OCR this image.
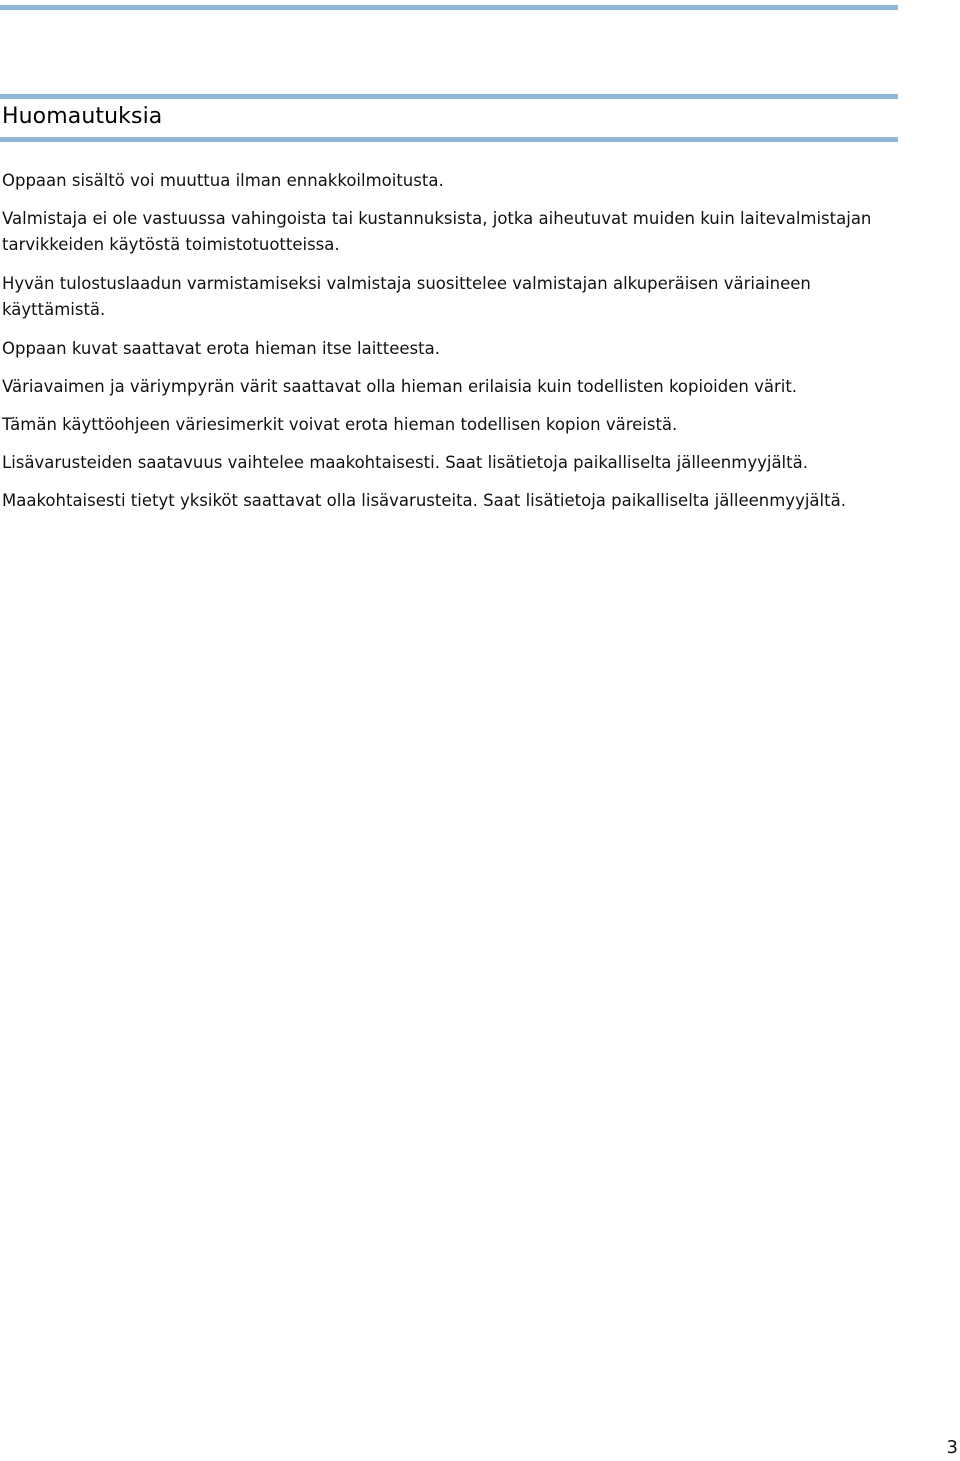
Huomautuksia
Oppaan sisältö voi muuttua ilman ennakkoilmoitusta.
Valmistaja ei ole vastuussa vahingoista tai kustannuksista, jotka aiheutuvat muiden kuin laitevalmistajan tarvikkeiden käytöstä toimistotuotteissa.
Hyvän tulostuslaadun varmistamiseksi valmistaja suosittelee valmistajan alkuperäisen väriaineen käyttämistä.
Oppaan kuvat saattavat erota hieman itse laitteesta.
Väriavaimen ja väriympyrän värit saattavat olla hieman erilaisia kuin todellisten kopioiden värit.
Tämän käyttöohjeen väriesimerkit voivat erota hieman todellisen kopion väreistä.
Lisävarusteiden saatavuus vaihtelee maakohtaisesti. Saat lisätietoja paikalliselta jälleenmyyjältä.
Maakohtaisesti tietyt yksiköt saattavat olla lisävarusteita. Saat lisätietoja paikalliselta jälleenmyyjältä.
3
